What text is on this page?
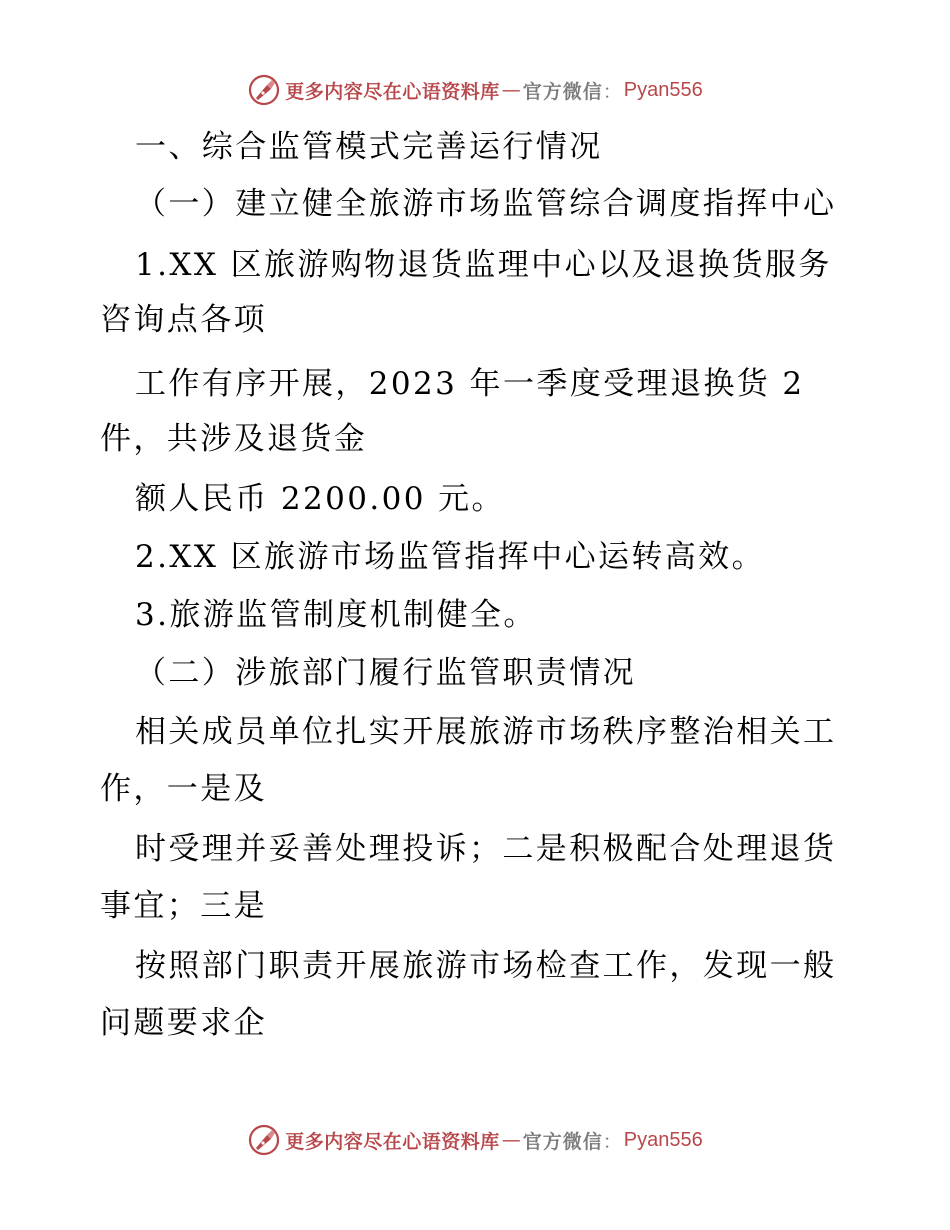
更多内容尽在心语资料库 — 官方微信 ： Pyan556
一、综合监管模式完善运行情况
（一）建立健全旅游市场监管综合调度指挥中心
1.XX 区旅游购物退货监理中心以及退换货服务
咨询点各项
工作有序开展，2023 年一季度受理退换货 2
件，共涉及退货金
额人民币 2200.00 元。
2.XX 区旅游市场监管指挥中心运转高效。
3.旅游监管制度机制健全。
（二）涉旅部门履行监管职责情况
相关成员单位扎实开展旅游市场秩序整治相关工
作，一是及
时受理并妥善处理投诉；二是积极配合处理退货
事宜；三是
按照部门职责开展旅游市场检查工作，发现一般
问题要求企
更多内容尽在心语资料库 — 官方微信 ： Pyan556
